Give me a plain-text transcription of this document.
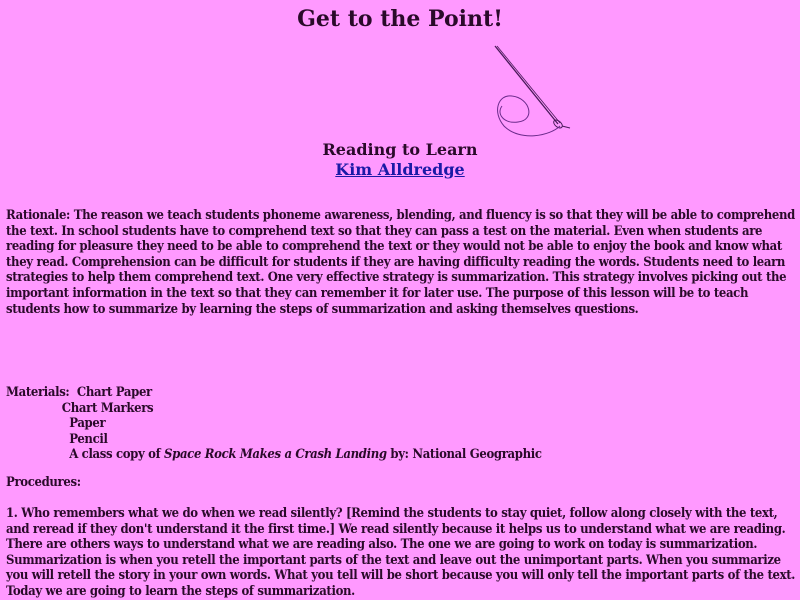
Get to the Point!
Reading to Learn
Kim Alldredge
Rationale: The reason we teach students phoneme awareness, blending, and fluency is so that they will be able to comprehend the text. In school students have to comprehend text so that they can pass a test on the material. Even when students are reading for pleasure they need to be able to comprehend the text or they would not be able to enjoy the book and know what they read. Comprehension can be difficult for students if they are having difficulty reading the words. Students need to learn strategies to help them comprehend text. One very effective strategy is summarization. This strategy involves picking out the important information in the text so that they can remember it for later use. The purpose of this lesson will be to teach students how to summarize by learning the steps of summarization and asking themselves questions.
Materials: Chart Paper
Chart Markers
Paper
Pencil
A class copy of Space Rock Makes a Crash Landing by: National Geographic
Procedures:
1. Who remembers what we do when we read silently? [Remind the students to stay quiet, follow along closely with the text, and reread if they don't understand it the first time.] We read silently because it helps us to understand what we are reading. There are others ways to understand what we are reading also. The one we are going to work on today is summarization. Summarization is when you retell the important parts of the text and leave out the unimportant parts. When you summarize you will retell the story in your own words. What you tell will be short because you will only tell the important parts of the text. Today we are going to learn the steps of summarization.
